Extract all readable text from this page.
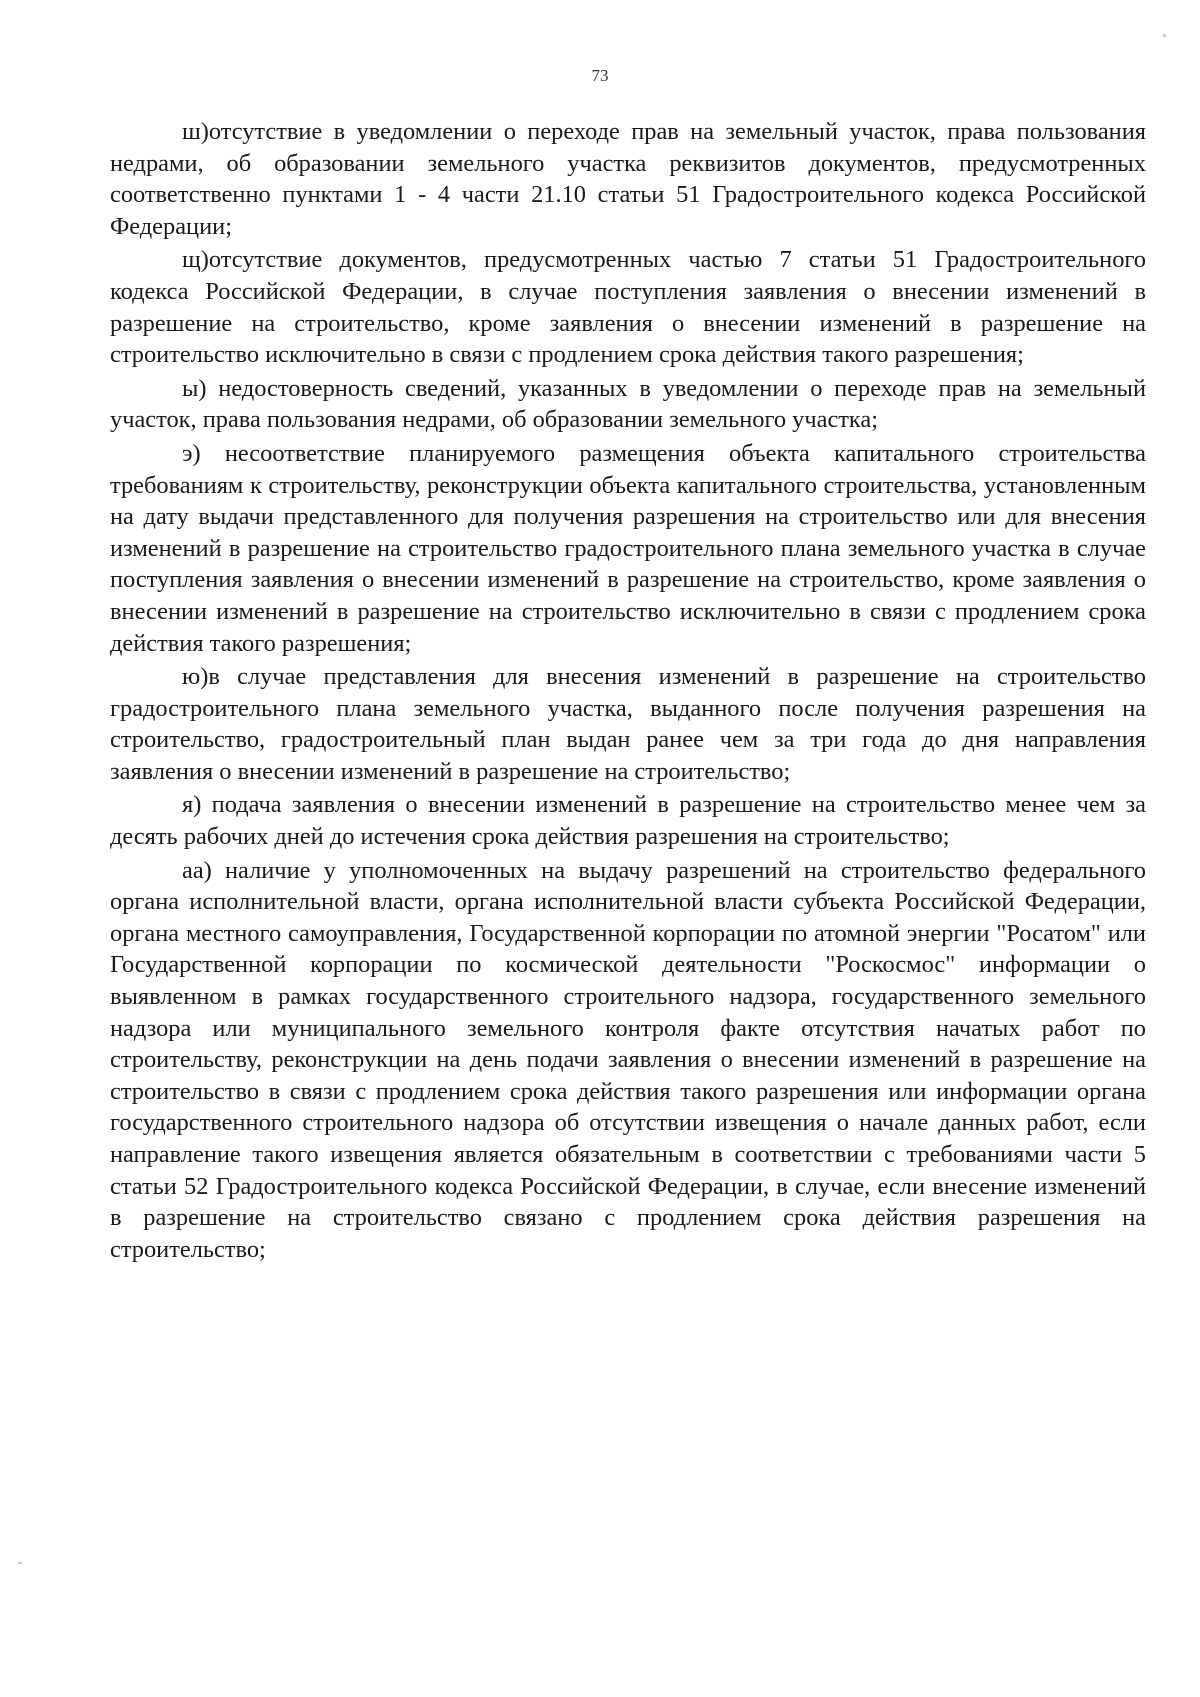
73

ш)отсутствие в уведомлении о переходе прав на земельный участок, права пользования недрами, об образовании земельного участка реквизитов документов, предусмотренных соответственно пунктами 1 - 4 части 21.10 статьи 51 Градостроительного кодекса Российской Федерации;

щ)отсутствие документов, предусмотренных частью 7 статьи 51 Градостроительного кодекса Российской Федерации, в случае поступления заявления о внесении изменений в разрешение на строительство, кроме заявления о внесении изменений в разрешение на строительство исключительно в связи с продлением срока действия такого разрешения;

ы) недостоверность сведений, указанных в уведомлении о переходе прав на земельный участок, права пользования недрами, об образовании земельного участка;

э) несоответствие планируемого размещения объекта капитального строительства требованиям к строительству, реконструкции объекта капитального строительства, установленным на дату выдачи представленного для получения разрешения на строительство или для внесения изменений в разрешение на строительство градостроительного плана земельного участка в случае поступления заявления о внесении изменений в разрешение на строительство, кроме заявления о внесении изменений в разрешение на строительство исключительно в связи с продлением срока действия такого разрешения;

ю)в случае представления для внесения изменений в разрешение на строительство градостроительного плана земельного участка, выданного после получения разрешения на строительство, градостроительный план выдан ранее чем за три года до дня направления заявления о внесении изменений в разрешение на строительство;

я) подача заявления о внесении изменений в разрешение на строительство менее чем за десять рабочих дней до истечения срока действия разрешения на строительство;

аа) наличие у уполномоченных на выдачу разрешений на строительство федерального органа исполнительной власти, органа исполнительной власти субъекта Российской Федерации, органа местного самоуправления, Государственной корпорации по атомной энергии "Росатом" или Государственной корпорации по космической деятельности "Роскосмос" информации о выявленном в рамках государственного строительного надзора, государственного земельного надзора или муниципального земельного контроля факте отсутствия начатых работ по строительству, реконструкции на день подачи заявления о внесении изменений в разрешение на строительство в связи с продлением срока действия такого разрешения или информации органа государственного строительного надзора об отсутствии извещения о начале данных работ, если направление такого извещения является обязательным в соответствии с требованиями части 5 статьи 52 Градостроительного кодекса Российской Федерации, в случае, если внесение изменений в разрешение на строительство связано с продлением срока действия разрешения на строительство;
